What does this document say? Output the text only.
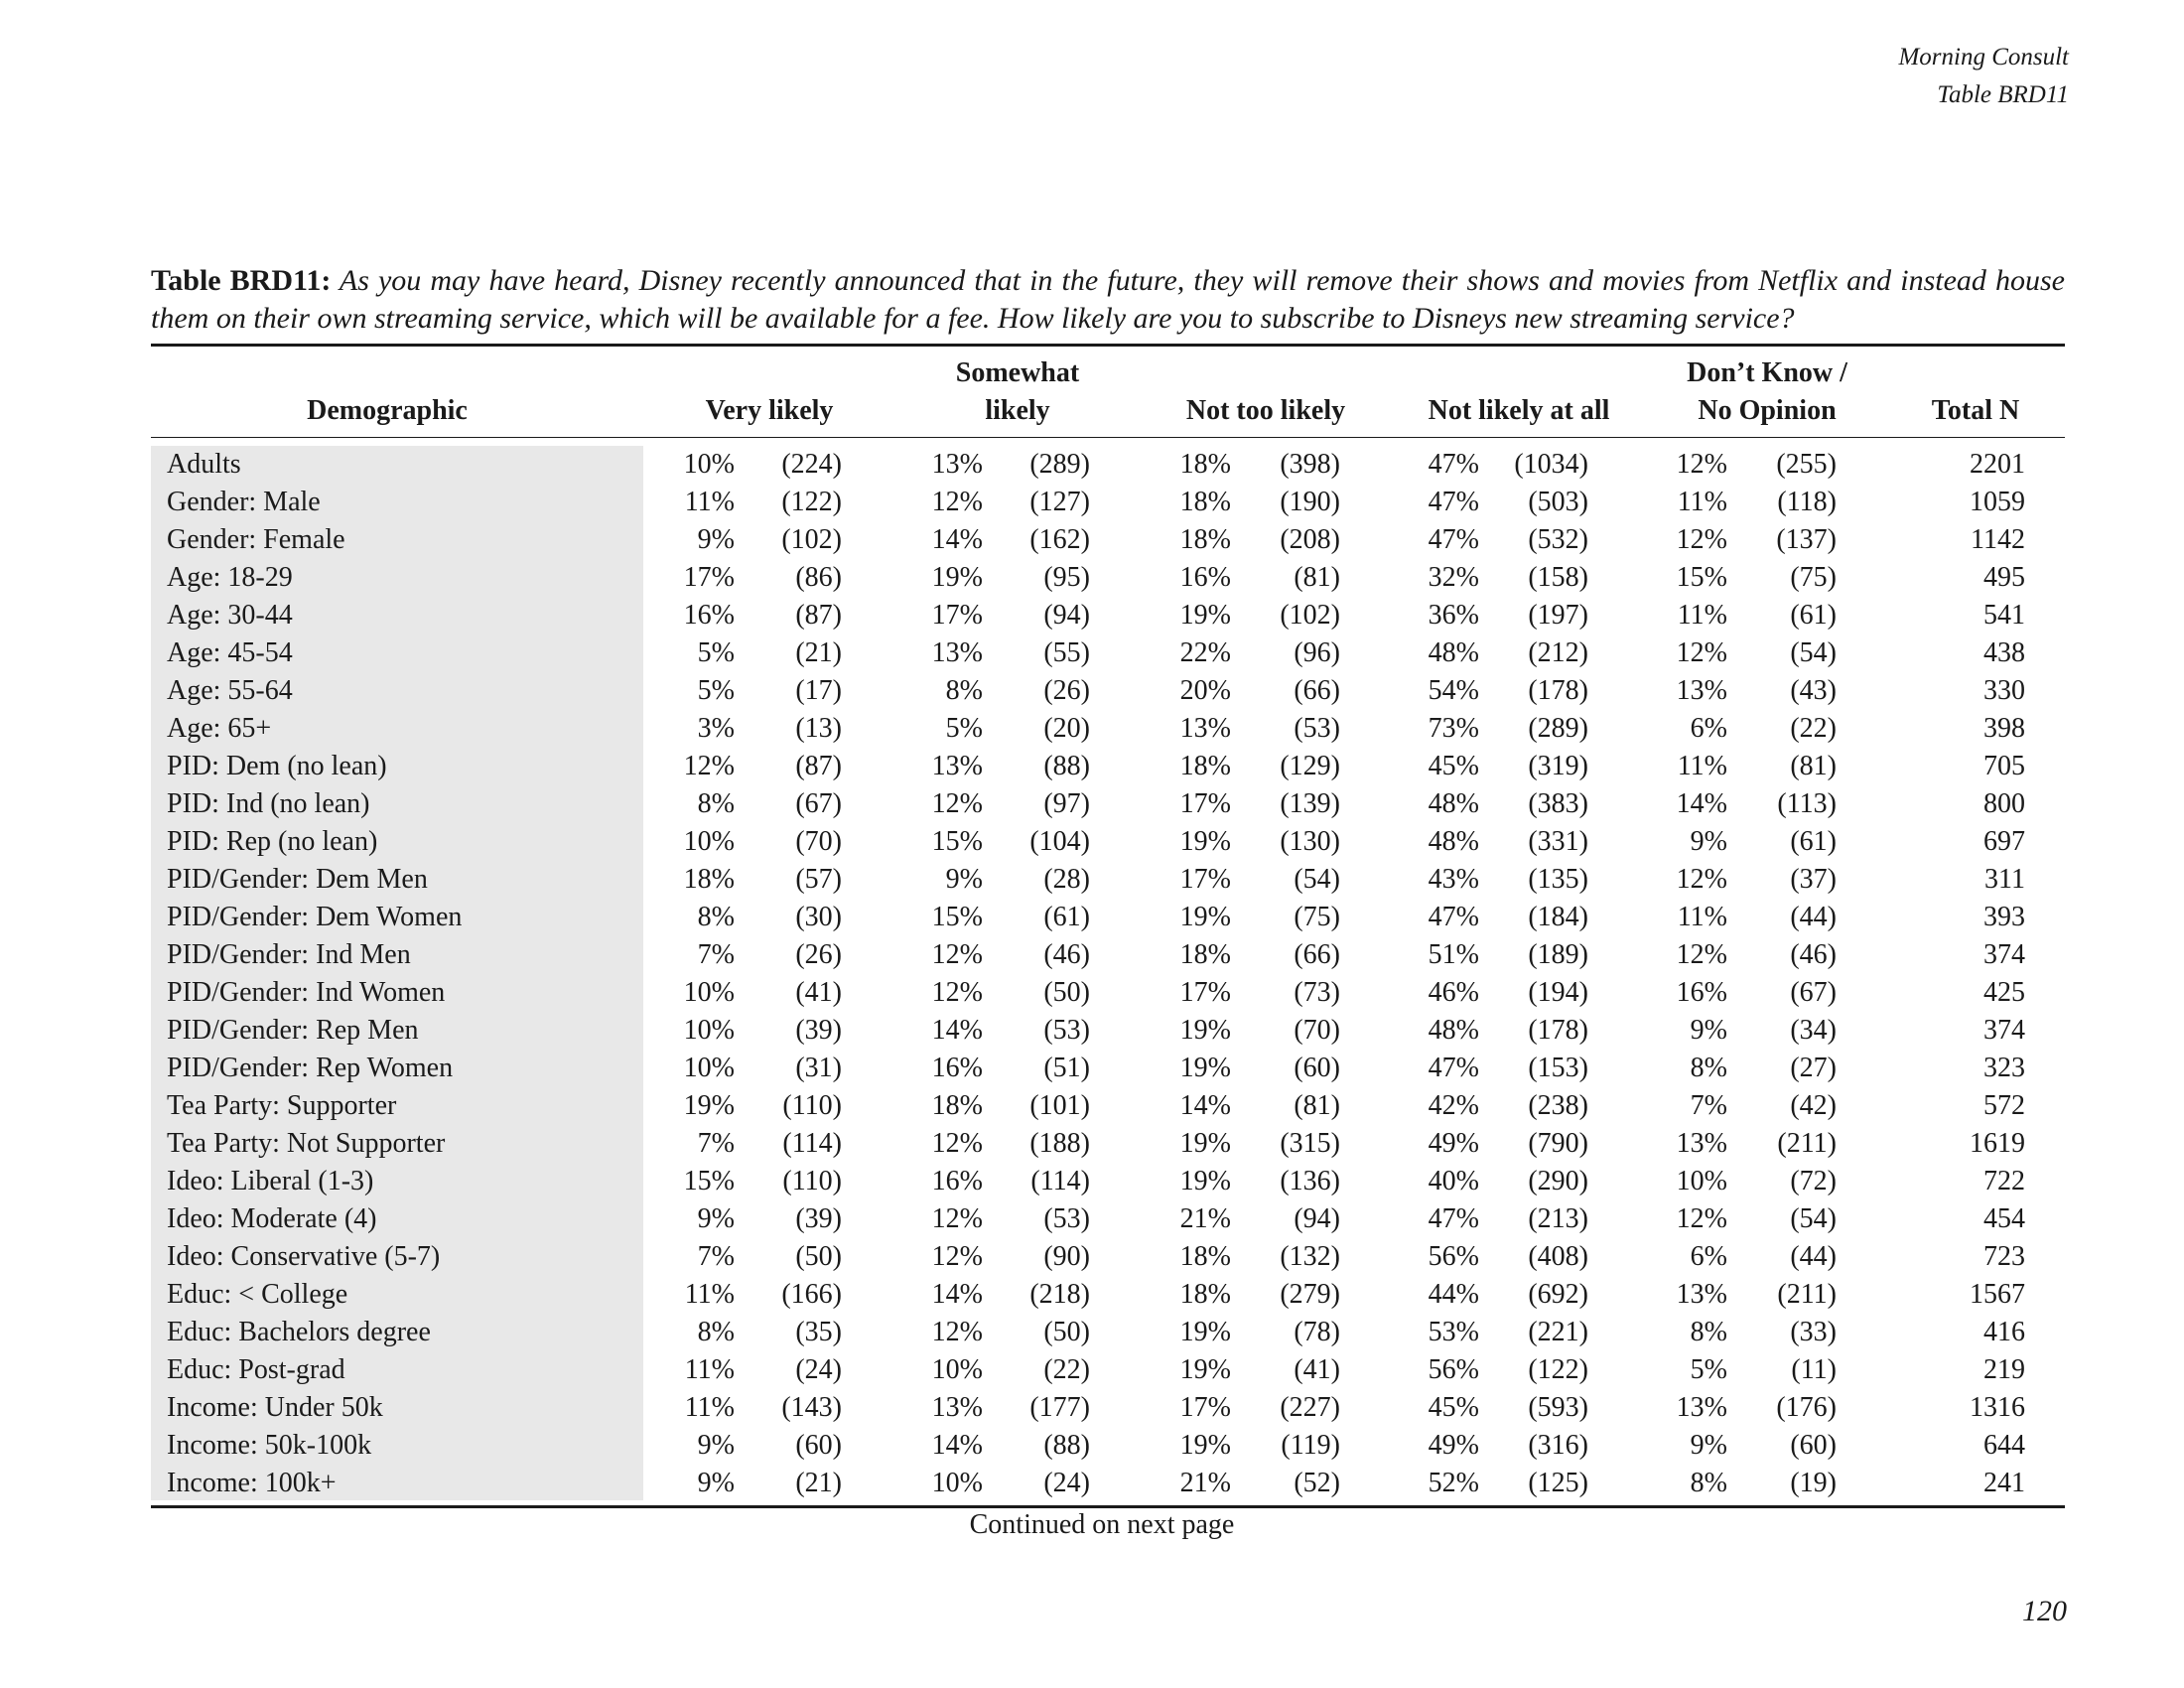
Morning Consult
Table BRD11
Table BRD11: As you may have heard, Disney recently announced that in the future, they will remove their shows and movies from Netflix and instead house them on their own streaming service, which will be available for a fee. How likely are you to subscribe to Disneys new streaming service?
Demographic	Very likely
Somewhat
likely	Not too likely	Not likely at all
Don’t Know /
No Opinion	Total N
Adults	10%	(224)	13%	(289)	18%	(398)	47%	(1034)	12%	(255)	2201
Gender: Male	11%	(122)	12%	(127)	18%	(190)	47%	(503)	11%	(118)	1059
Gender: Female	9%	(102)	14%	(162)	18%	(208)	47%	(532)	12%	(137)	1142
Age: 18-29	17%	(86)	19%	(95)	16%	(81)	32%	(158)	15%	(75)	495
Age: 30-44	16%	(87)	17%	(94)	19%	(102)	36%	(197)	11%	(61)	541
Age: 45-54	5%	(21)	13%	(55)	22%	(96)	48%	(212)	12%	(54)	438
Age: 55-64	5%	(17)	8%	(26)	20%	(66)	54%	(178)	13%	(43)	330
Age: 65+	3%	(13)	5%	(20)	13%	(53)	73%	(289)	6%	(22)	398
PID: Dem (no lean)	12%	(87)	13%	(88)	18%	(129)	45%	(319)	11%	(81)	705
PID: Ind (no lean)	8%	(67)	12%	(97)	17%	(139)	48%	(383)	14%	(113)	800
PID: Rep (no lean)	10%	(70)	15%	(104)	19%	(130)	48%	(331)	9%	(61)	697
PID/Gender: Dem Men	18%	(57)	9%	(28)	17%	(54)	43%	(135)	12%	(37)	311
PID/Gender: Dem Women	8%	(30)	15%	(61)	19%	(75)	47%	(184)	11%	(44)	393
PID/Gender: Ind Men	7%	(26)	12%	(46)	18%	(66)	51%	(189)	12%	(46)	374
PID/Gender: Ind Women	10%	(41)	12%	(50)	17%	(73)	46%	(194)	16%	(67)	425
PID/Gender: Rep Men	10%	(39)	14%	(53)	19%	(70)	48%	(178)	9%	(34)	374
PID/Gender: Rep Women	10%	(31)	16%	(51)	19%	(60)	47%	(153)	8%	(27)	323
Tea Party: Supporter	19%	(110)	18%	(101)	14%	(81)	42%	(238)	7%	(42)	572
Tea Party: Not Supporter	7%	(114)	12%	(188)	19%	(315)	49%	(790)	13%	(211)	1619
Ideo: Liberal (1-3)	15%	(110)	16%	(114)	19%	(136)	40%	(290)	10%	(72)	722
Ideo: Moderate (4)	9%	(39)	12%	(53)	21%	(94)	47%	(213)	12%	(54)	454
Ideo: Conservative (5-7)	7%	(50)	12%	(90)	18%	(132)	56%	(408)	6%	(44)	723
Educ: < College	11%	(166)	14%	(218)	18%	(279)	44%	(692)	13%	(211)	1567
Educ: Bachelors degree	8%	(35)	12%	(50)	19%	(78)	53%	(221)	8%	(33)	416
Educ: Post-grad	11%	(24)	10%	(22)	19%	(41)	56%	(122)	5%	(11)	219
Income: Under 50k	11%	(143)	13%	(177)	17%	(227)	45%	(593)	13%	(176)	1316
Income: 50k-100k	9%	(60)	14%	(88)	19%	(119)	49%	(316)	9%	(60)	644
Income: 100k+	9%	(21)	10%	(24)	21%	(52)	52%	(125)	8%	(19)	241
Continued on next page
120
